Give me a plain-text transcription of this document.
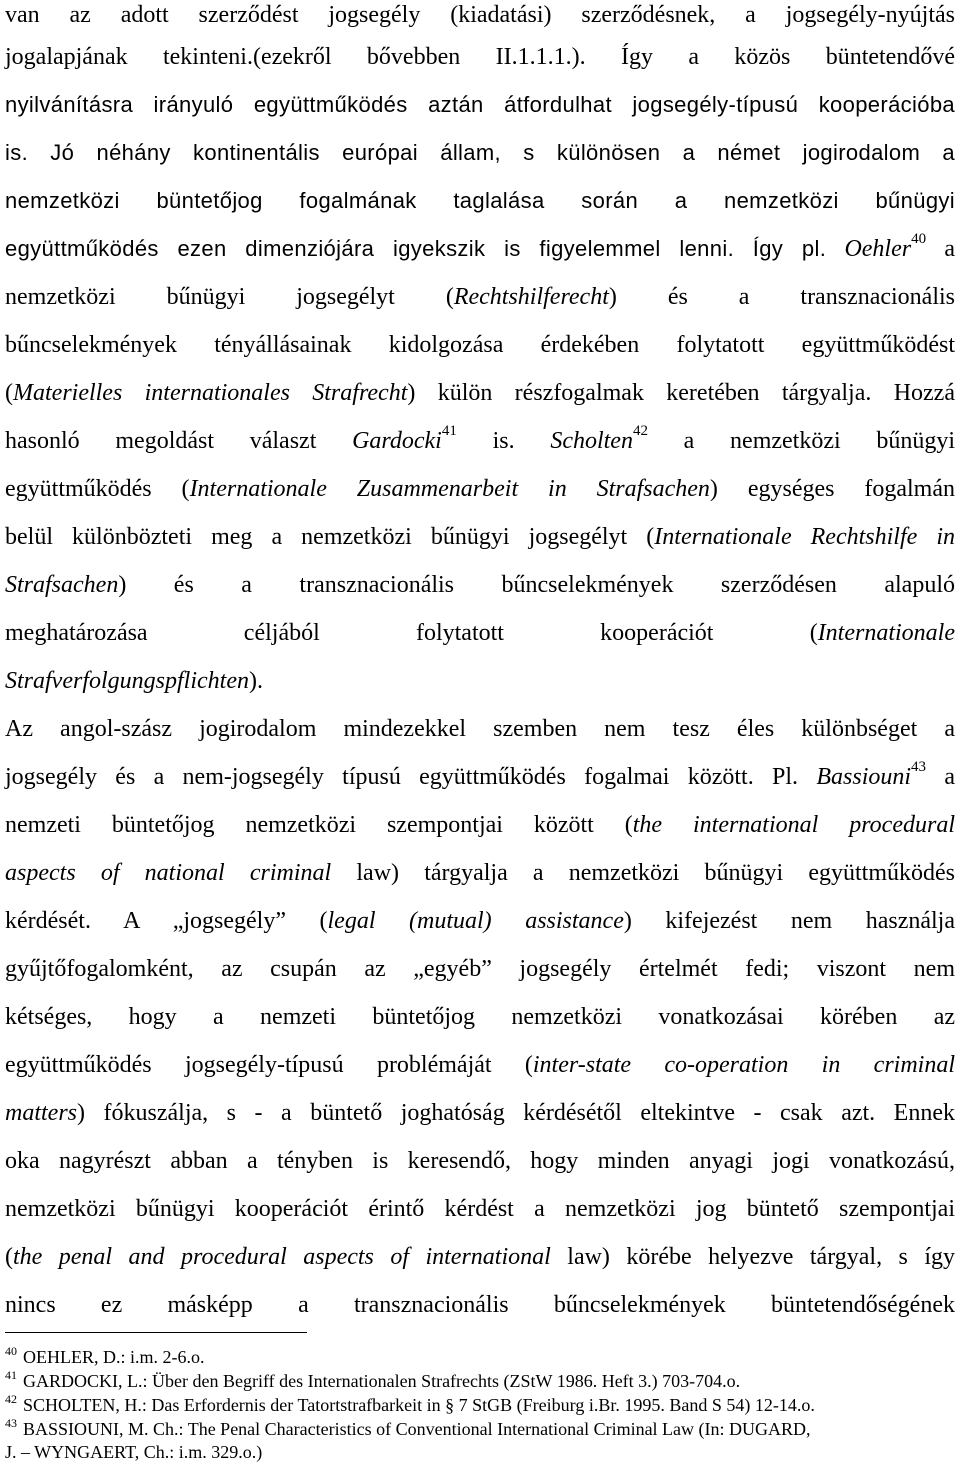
van az adott szerződést jogsegély (kiadatási) szerződésnek, a jogsegély-nyújtás
jogalapjának tekinteni.(ezekről bővebben II.1.1.1.). Így a közös büntetendővé
nyilvánításra irányuló együttműködés aztán átfordulhat jogsegély-típusú kooperációba
is. Jó néhány kontinentális európai állam, s különösen a német jogirodalom a
nemzetközi büntetőjog fogalmának taglalása során a nemzetközi bűnügyi
együttműködés ezen dimenziójára igyekszik is figyelemmel lenni. Így pl. Oehler$^{40}$ a
nemzetközi bűnügyi jogsegélyt (Rechtshilferecht) és a transznacionális
bűncselekmények tényállásainak kidolgozása érdekében folytatott együttműködést
(Materielles internationales Strafrecht) külön részfogalmak keretében tárgyalja. Hozzá
hasonló megoldást választ Gardocki$^{41}$ is. Scholten$^{42}$ a nemzetközi bűnügyi
együttműködés (Internationale Zusammenarbeit in Strafsachen) egységes fogalmán
belül különbözteti meg a nemzetközi bűnügyi jogsegélyt (Internationale Rechtshilfe in
Strafsachen) és a transznacionális bűncselekmények szerződésen alapuló
meghatározása céljából folytatott kooperációt (Internationale
Strafverfolgungspflichten).
Az angol-szász jogirodalom mindezekkel szemben nem tesz éles különbséget a
jogsegély és a nem-jogsegély típusú együttműködés fogalmai között. Pl. Bassiouni$^{43}$ a
nemzeti büntetőjog nemzetközi szempontjai között (the international procedural
aspects of national criminal law) tárgyalja a nemzetközi bűnügyi együttműködés
kérdését. A „jogsegély” (legal (mutual) assistance) kifejezést nem használja
gyűjtőfogalomként, az csupán az „egyéb” jogsegély értelmét fedi; viszont nem
kétséges, hogy a nemzeti büntetőjog nemzetközi vonatkozásai körében az
együttműködés jogsegély-típusú problémáját (inter-state co-operation in criminal
matters) fókuszálja, s - a büntető joghatóság kérdésétől eltekintve - csak azt. Ennek
oka nagyrészt abban a tényben is keresendő, hogy minden anyagi jogi vonatkozású,
nemzetközi bűnügyi kooperációt érintő kérdést a nemzetközi jog büntető szempontjai
(the penal and procedural aspects of international law) körébe helyezve tárgyal, s így
nincs ez másképp a transznacionális bűncselekmények büntetendőségének
$^{40}$ OEHLER, D.: i.m. 2-6.o.
$^{41}$ GARDOCKI, L.: Über den Begriff des Internationalen Strafrechts (ZStW 1986. Heft 3.) 703-704.o.
$^{42}$ SCHOLTEN, H.: Das Erfordernis der Tatortstrafbarkeit in § 7 StGB (Freiburg i.Br. 1995. Band S 54) 12-14.o.
$^{43}$ BASSIOUNI, M. Ch.: The Penal Characteristics of Conventional International Criminal Law (In: DUGARD,
J. – WYNGAERT, Ch.: i.m. 329.o.)
